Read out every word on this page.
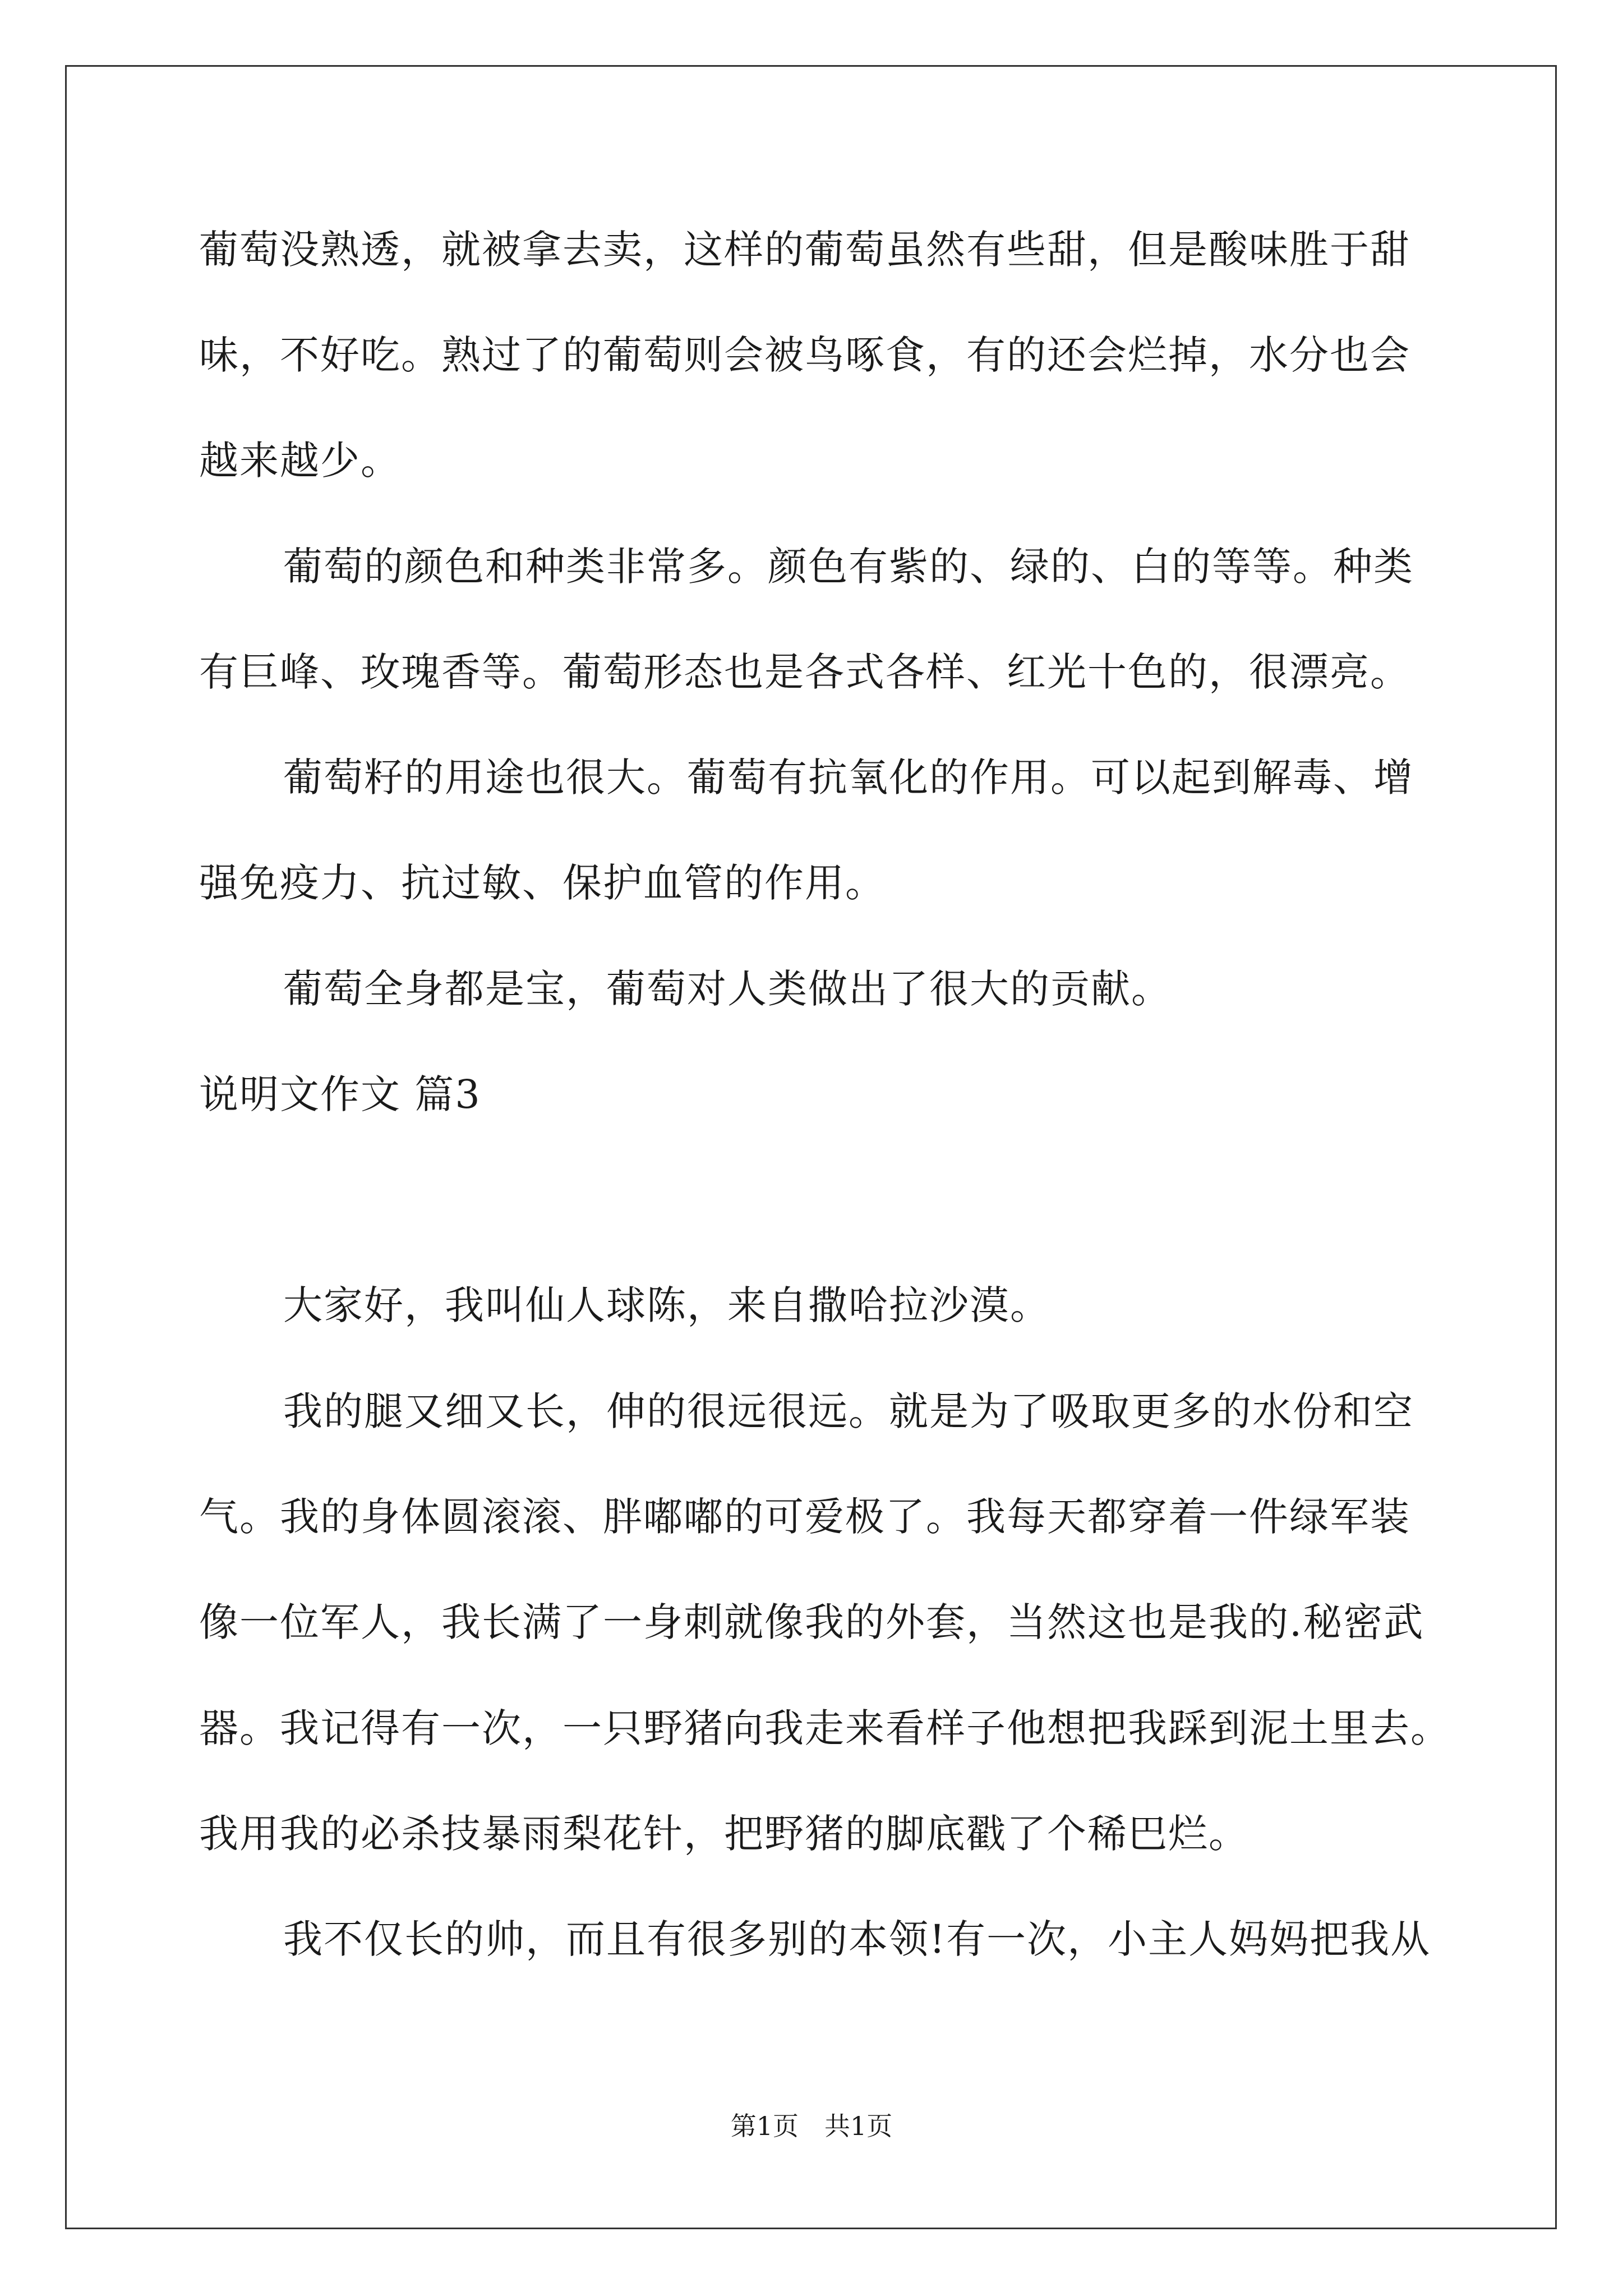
葡萄没熟透，就被拿去卖，这样的葡萄虽然有些甜，但是酸味胜于甜
味，不好吃。熟过了的葡萄则会被鸟啄食，有的还会烂掉，水分也会
越来越少。
葡萄的颜色和种类非常多。颜色有紫的、绿的、白的等等。种类
有巨峰、玫瑰香等。葡萄形态也是各式各样、红光十色的，很漂亮。
葡萄籽的用途也很大。葡萄有抗氧化的作用。可以起到解毒、增
强免疫力、抗过敏、保护血管的作用。
葡萄全身都是宝，葡萄对人类做出了很大的贡献。
说明文作文 篇3
大家好，我叫仙人球陈，来自撒哈拉沙漠。
我的腿又细又长，伸的很远很远。就是为了吸取更多的水份和空
气。我的身体圆滚滚、胖嘟嘟的可爱极了。我每天都穿着一件绿军装
像一位军人，我长满了一身刺就像我的外套，当然这也是我的.秘密武
器。我记得有一次，一只野猪向我走来看样子他想把我踩到泥土里去。
我用我的必杀技暴雨梨花针，把野猪的脚底戳了个稀巴烂。
我不仅长的帅，而且有很多别的本领!有一次，小主人妈妈把我从
第1页　共1页
